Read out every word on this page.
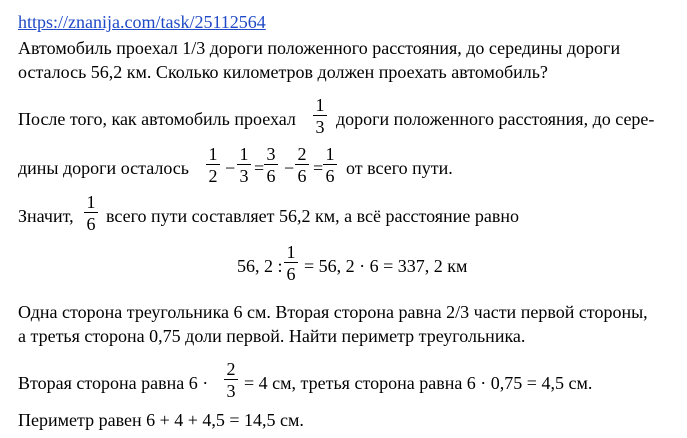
https://znanija.com/task/25112564
Автомобиль проехал 1/3 дороги положенного расстояния, до середины дороги
осталось 56,2 км. Сколько километров должен проехать автомобиль?
После того, как автомобиль проехал
1
3 дороги положенного расстояния, до сере-
дины дороги осталось
1
2 −
1
3 =
3
6 −
2
6 =
1
6 от всего пути.
Значит,
1
6 всего пути составляет 56,2 км, а всё расстояние равно
56, 2 :
1
6 = 56, 2 · 6 = 337, 2 км
Одна сторона треугольника 6 см. Вторая сторона равна 2/3 части первой стороны,
а третья сторона 0,75 доли первой. Найти периметр треугольника.
Вторая сторона равна 6 ·
2
3 = 4 см, третья сторона равна 6 · 0,75 = 4,5 см.
Периметр равен 6 + 4 + 4,5 = 14,5 см.
